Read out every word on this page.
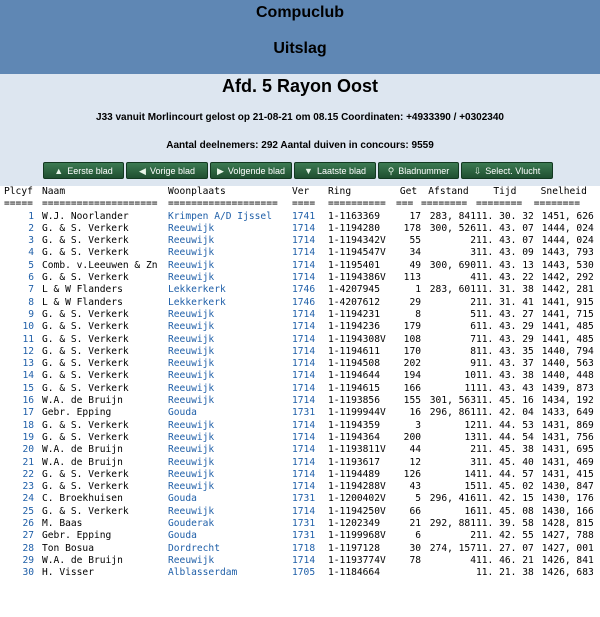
Compuclub
Uitslag
Afd. 5 Rayon Oost
J33 vanuit Morlincourt gelost op 21-08-21 om 08.15 Coordinaten: +4933390 / +0302340
Aantal deelnemers: 292 Aantal duiven in concours: 9559
▲ Eerste blad	◀ Vorige blad	▶ Volgende blad	▼ Laatste blad	⚲ Bladnummer	⇩ Select. Vlucht
Plcyf		Naam	Woonplaats	Ver	Ring	Get	Afstand	Tijd	Snelheid
=====		====================	===================	====	==========	===	========	========	========
1		W.J. Noorlander	Krimpen A/D Ijssel	1741	1-1163369	17	283, 841	11. 30. 32	1451, 626
2		G. & S. Verkerk	Reeuwijk	1714	1-1194280	178	300, 526	11. 43. 07	1444, 024
3		G. & S. Verkerk	Reeuwijk	1714	1-1194342V	55	2	11. 43. 07	1444, 024
4		G. & S. Verkerk	Reeuwijk	1714	1-1194547V	34	3	11. 43. 09	1443, 793
5		Comb. v.Leeuwen & Zn	Reeuwijk	1714	1-1195401	49	300, 690	11. 43. 13	1443, 530
6		G. & S. Verkerk	Reeuwijk	1714	1-1194386V	113	4	11. 43. 22	1442, 292
7		L & W Flanders	Lekkerkerk	1746	1-4207945	1	283, 601	11. 31. 38	1442, 281
8		L & W Flanders	Lekkerkerk	1746	1-4207612	29	2	11. 31. 41	1441, 915
9		G. & S. Verkerk	Reeuwijk	1714	1-1194231	8	5	11. 43. 27	1441, 715
10		G. & S. Verkerk	Reeuwijk	1714	1-1194236	179	6	11. 43. 29	1441, 485
11		G. & S. Verkerk	Reeuwijk	1714	1-1194308V	108	7	11. 43. 29	1441, 485
12		G. & S. Verkerk	Reeuwijk	1714	1-1194611	170	8	11. 43. 35	1440, 794
13		G. & S. Verkerk	Reeuwijk	1714	1-1194508	202	9	11. 43. 37	1440, 563
14		G. & S. Verkerk	Reeuwijk	1714	1-1194644	194	10	11. 43. 38	1440, 448
15		G. & S. Verkerk	Reeuwijk	1714	1-1194615	166	11	11. 43. 43	1439, 873
16		W.A. de Bruijn	Reeuwijk	1714	1-1193856	155	301, 563	11. 45. 16	1434, 192
17		Gebr. Epping	Gouda	1731	1-1199944V	16	296, 861	11. 42. 04	1433, 649
18		G. & S. Verkerk	Reeuwijk	1714	1-1194359	3	12	11. 44. 53	1431, 869
19		G. & S. Verkerk	Reeuwijk	1714	1-1194364	200	13	11. 44. 54	1431, 756
20		W.A. de Bruijn	Reeuwijk	1714	1-1193811V	44	2	11. 45. 38	1431, 695
21		W.A. de Bruijn	Reeuwijk	1714	1-1193617	12	3	11. 45. 40	1431, 469
22		G. & S. Verkerk	Reeuwijk	1714	1-1194489	126	14	11. 44. 57	1431, 415
23		G. & S. Verkerk	Reeuwijk	1714	1-1194288V	43	15	11. 45. 02	1430, 847
24		C. Broekhuisen	Gouda	1731	1-1200402V	5	296, 416	11. 42. 15	1430, 176
25		G. & S. Verkerk	Reeuwijk	1714	1-1194250V	66	16	11. 45. 08	1430, 166
26		M. Baas	Gouderak	1731	1-1202349	21	292, 881	11. 39. 58	1428, 815
27		Gebr. Epping	Gouda	1731	1-1199968V	6	2	11. 42. 55	1427, 788
28		Ton Bosua	Dordrecht	1718	1-1197128	30	274, 157	11. 27. 07	1427, 001
29		W.A. de Bruijn	Reeuwijk	1714	1-1193774V	78	4	11. 46. 21	1426, 841
30		H. Visser	Alblasserdam	1705	1-1184664			11. 21. 38	1426, 683
